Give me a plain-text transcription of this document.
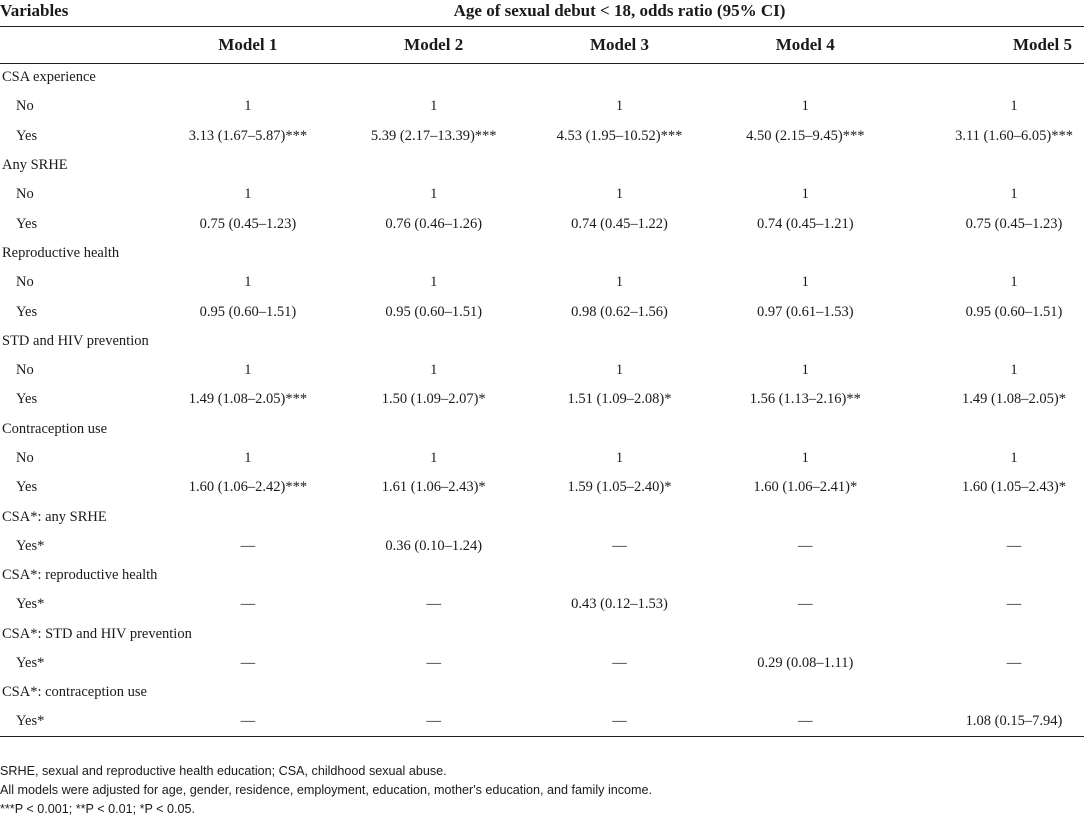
Variables	Age of sexual debut < 18, odds ratio (95% CI)				
	Model 1	Model 2	Model 3	Model 4	Model 5
CSA experience					
No	1	1	1	1	1
Yes	3.13 (1.67–5.87)***	5.39 (2.17–13.39)***	4.53 (1.95–10.52)***	4.50 (2.15–9.45)***	3.11 (1.60–6.05)***
Any SRHE					
No	1	1	1	1	1
Yes	0.75 (0.45–1.23)	0.76 (0.46–1.26)	0.74 (0.45–1.22)	0.74 (0.45–1.21)	0.75 (0.45–1.23)
Reproductive health					
No	1	1	1	1	1
Yes	0.95 (0.60–1.51)	0.95 (0.60–1.51)	0.98 (0.62–1.56)	0.97 (0.61–1.53)	0.95 (0.60–1.51)
STD and HIV prevention					
No	1	1	1	1	1
Yes	1.49 (1.08–2.05)***	1.50 (1.09–2.07)*	1.51 (1.09–2.08)*	1.56 (1.13–2.16)**	1.49 (1.08–2.05)*
Contraception use					
No	1	1	1	1	1
Yes	1.60 (1.06–2.42)***	1.61 (1.06–2.43)*	1.59 (1.05–2.40)*	1.60 (1.06–2.41)*	1.60 (1.05–2.43)*
CSA*: any SRHE					
Yes*	—	0.36 (0.10–1.24)	—	—	—
CSA*: reproductive health					
Yes*	—	—	0.43 (0.12–1.53)	—	—
CSA*: STD and HIV prevention					
Yes*	—	—	—	0.29 (0.08–1.11)	—
CSA*: contraception use					
Yes*	—	—	—	—	1.08 (0.15–7.94)
SRHE, sexual and reproductive health education; CSA, childhood sexual abuse.
All models were adjusted for age, gender, residence, employment, education, mother's education, and family income.
***P < 0.001; **P < 0.01; *P < 0.05.
